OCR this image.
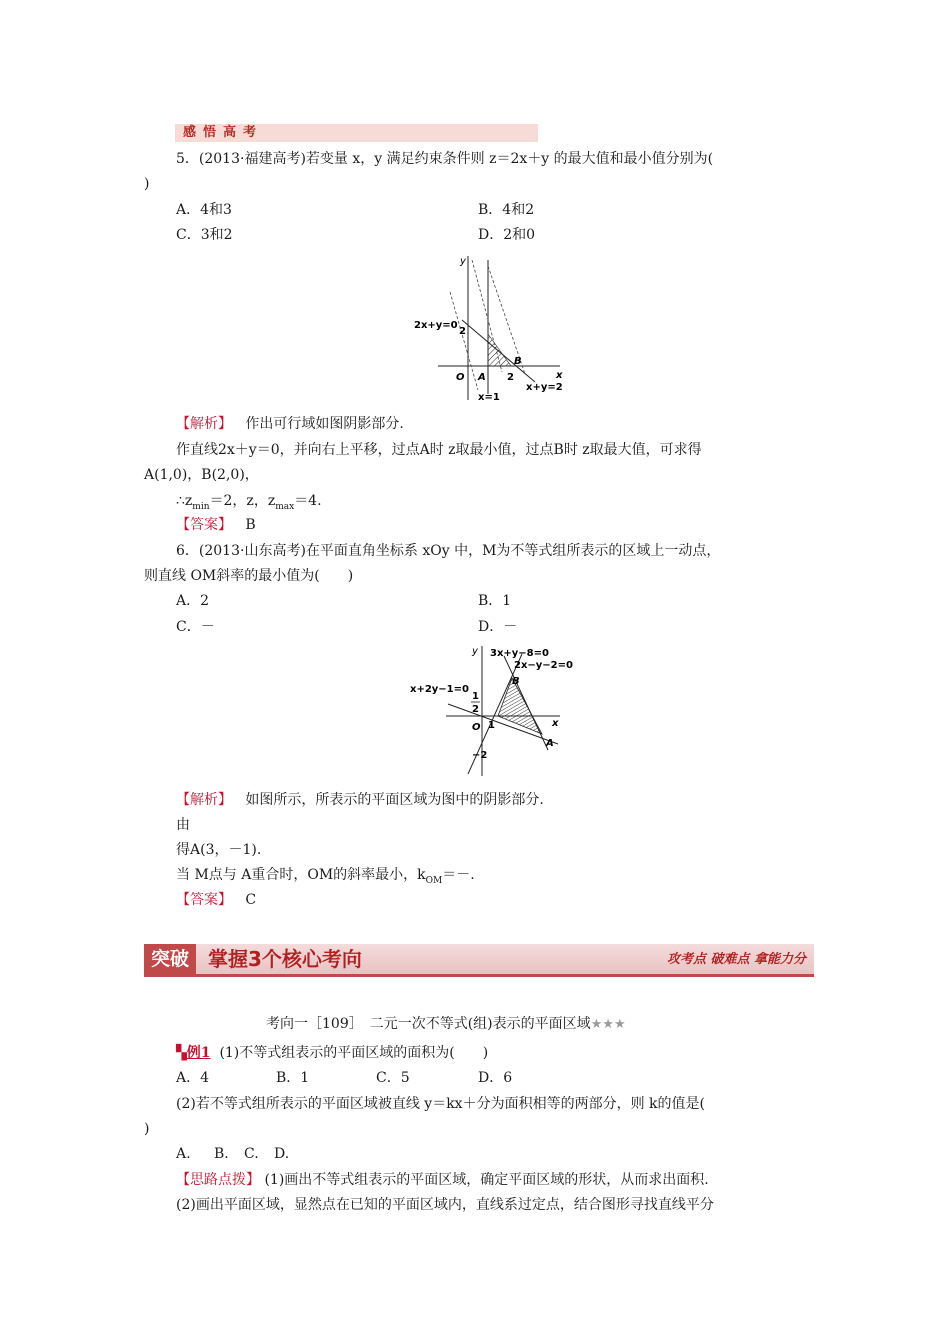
感悟高考
5．(2013·福建高考)若变量 x，y 满足约束条件则 z＝2x＋y 的最大值和最小值分别为(
)
A．4和3	B．4和2
C．3和2	D．2和0
y
2x+y=0
2
B
O A 2	x
x+y=2
x=1
【解析】 作出可行域如图阴影部分.
作直线2x＋y＝0，并向右上平移，过点A时 z取最小值，过点B时 z取最大值，可求得
A(1,0)，B(2,0)，
$\therefore z_{min}=2$，z，$z_{max}=4$.
【答案】 B
6．(2013·山东高考)在平面直角坐标系 xOy 中，M为不等式组所表示的区域上一动点，
则直线 OM斜率的最小值为(　　)
A．2	B．1
C．－	D．－
y 3x+y−8=0
2x−y−2=0
x+2y−1=0
1
2
B
O 1	x
A
−2
【解析】 如图所示，所表示的平面区域为图中的阴影部分.
由
得A(3，－1).
当 M点与 A重合时，OM的斜率最小，$k_{OM}=-$.
【答案】 C
突破 掌握3个核心考向	攻考点 破难点 拿能力分
考向一［109］　二元一次不等式(组)表示的平面区域★★★
▚例1 (1)不等式组表示的平面区域的面积为(　　)
A．4	B．1	C．5	D．6
(2)若不等式组所表示的平面区域被直线 y＝kx＋分为面积相等的两部分，则 k的值是(
)
A. B. C. D.
【思路点拨】 (1)画出不等式组表示的平面区域，确定平面区域的形状，从而求出面积.
(2)画出平面区域，显然点在已知的平面区域内，直线系过定点，结合图形寻找直线平分
